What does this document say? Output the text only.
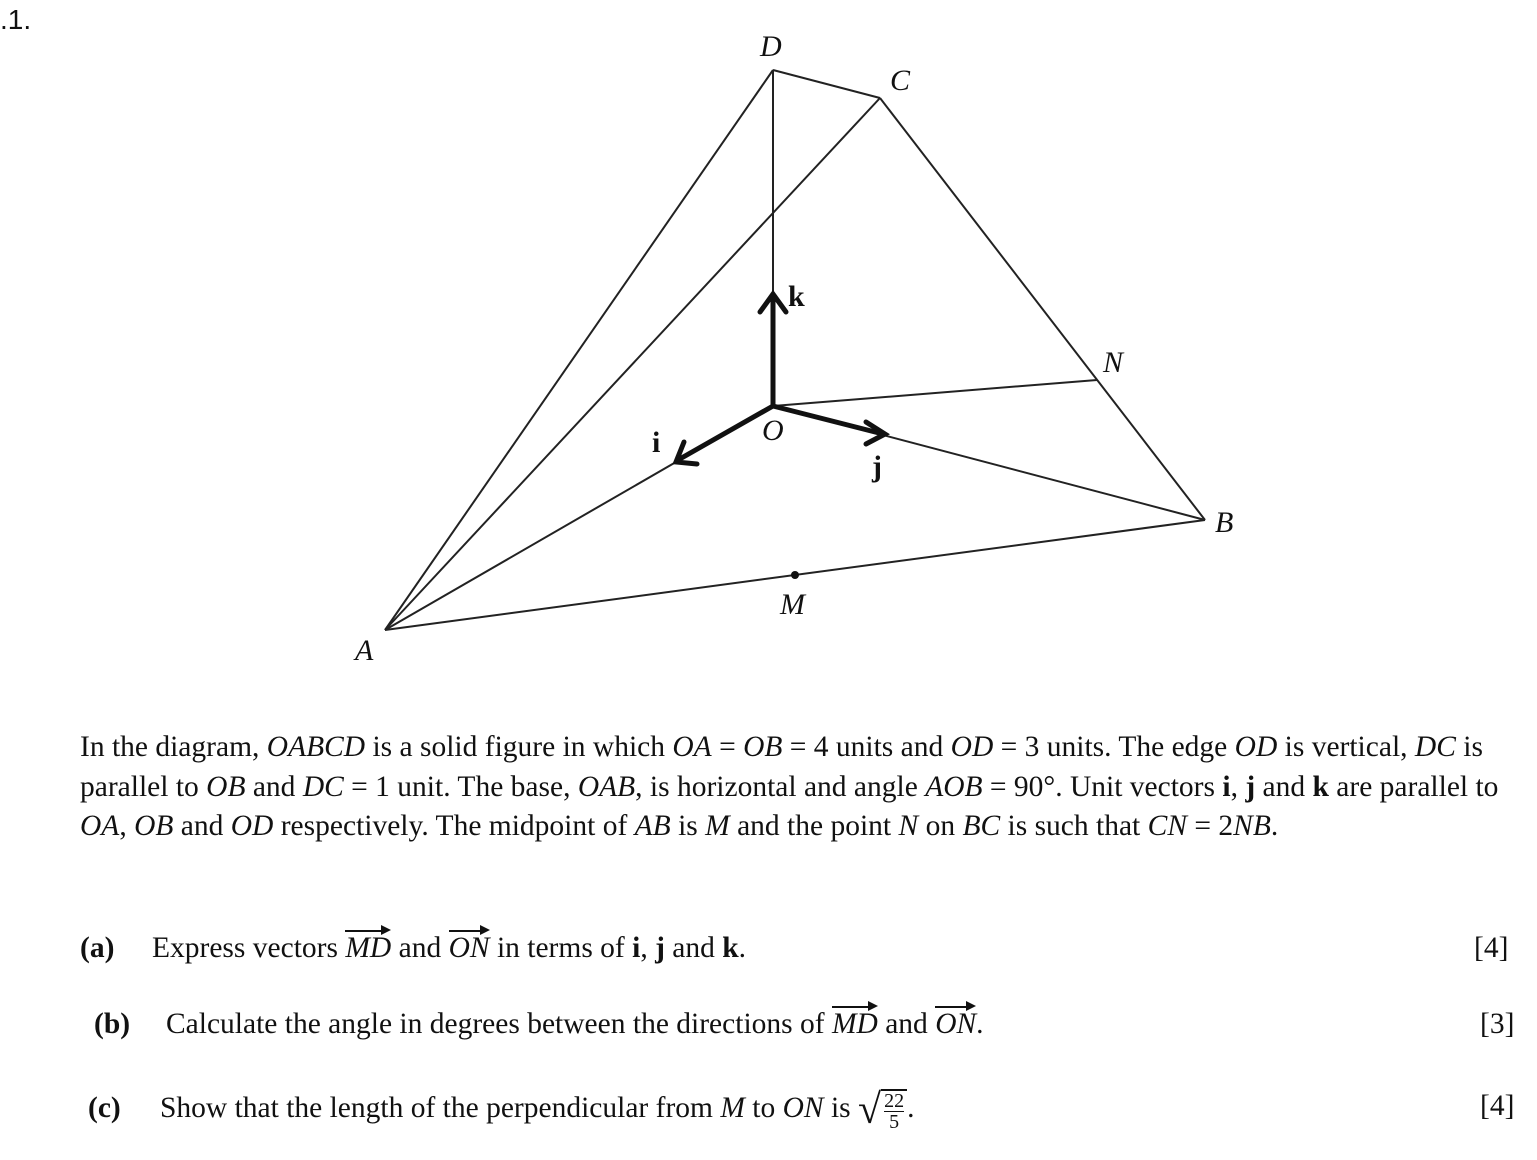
.1.
D
C
N
O
B
M
A
k
i
j
In the diagram, OABCD is a solid figure in which OA = OB = 4 units and OD = 3 units. The edge OD is vertical, DC is parallel to OB and DC = 1 unit. The base, OAB, is horizontal and angle AOB = 90°. Unit vectors i, j and k are parallel to OA, OB and OD respectively. The midpoint of AB is M and the point N on BC is such that CN = 2NB.
(a) Express vectors MD and ON in terms of i, j and k.	[4]
(b) Calculate the angle in degrees between the directions of MD and ON.	[3]
(c) Show that the length of the perpendicular from M to ON is √ $\frac{22}{5}$ .	[4]
